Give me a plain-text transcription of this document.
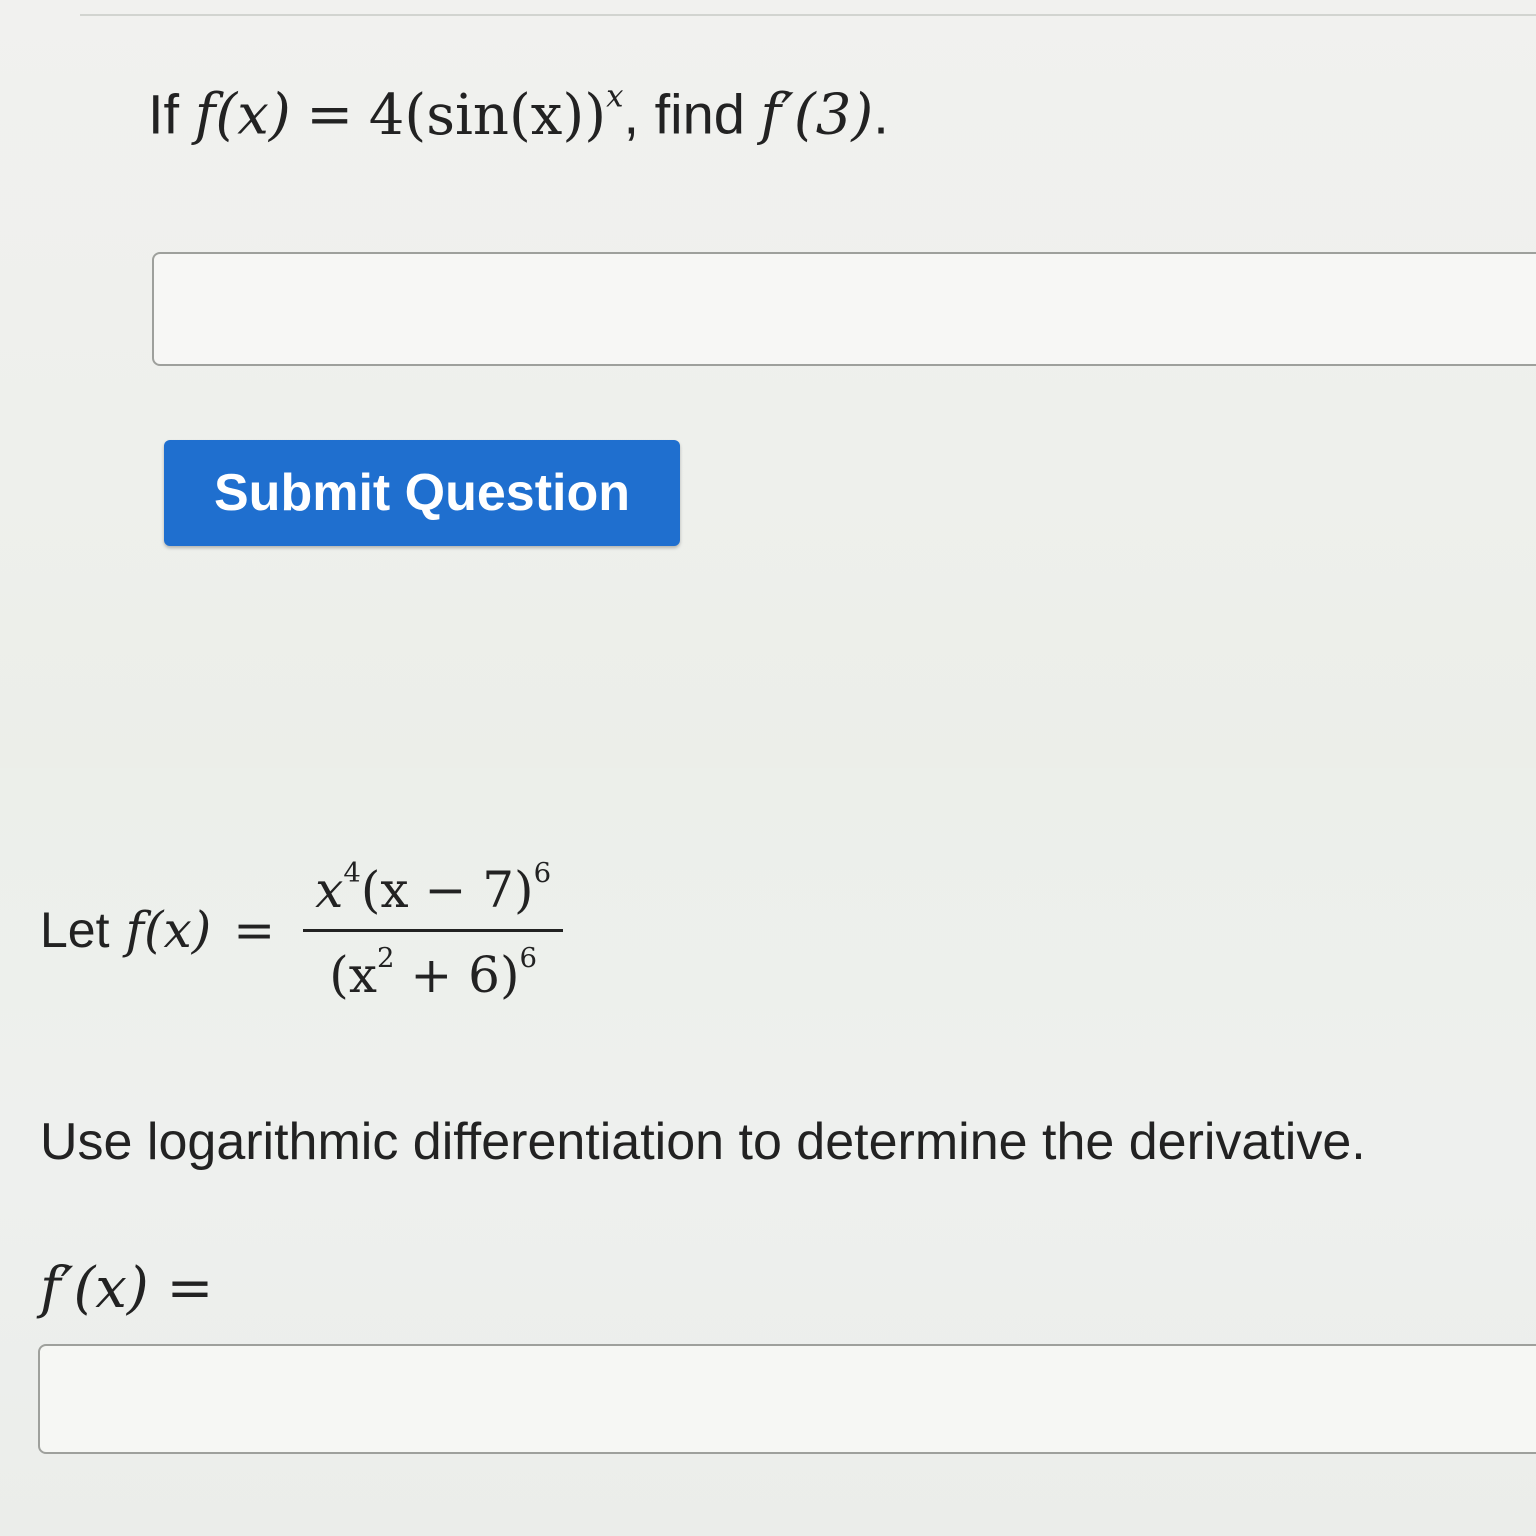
If $f(x) = 4(\sin(x))^x$, find f′(3).
Submit Question
Let $f(x) = \frac{x^4(x - 7)^6}{(x^2 + 6)^6}$
Use logarithmic differentiation to determine the derivative.
f′(x) =
